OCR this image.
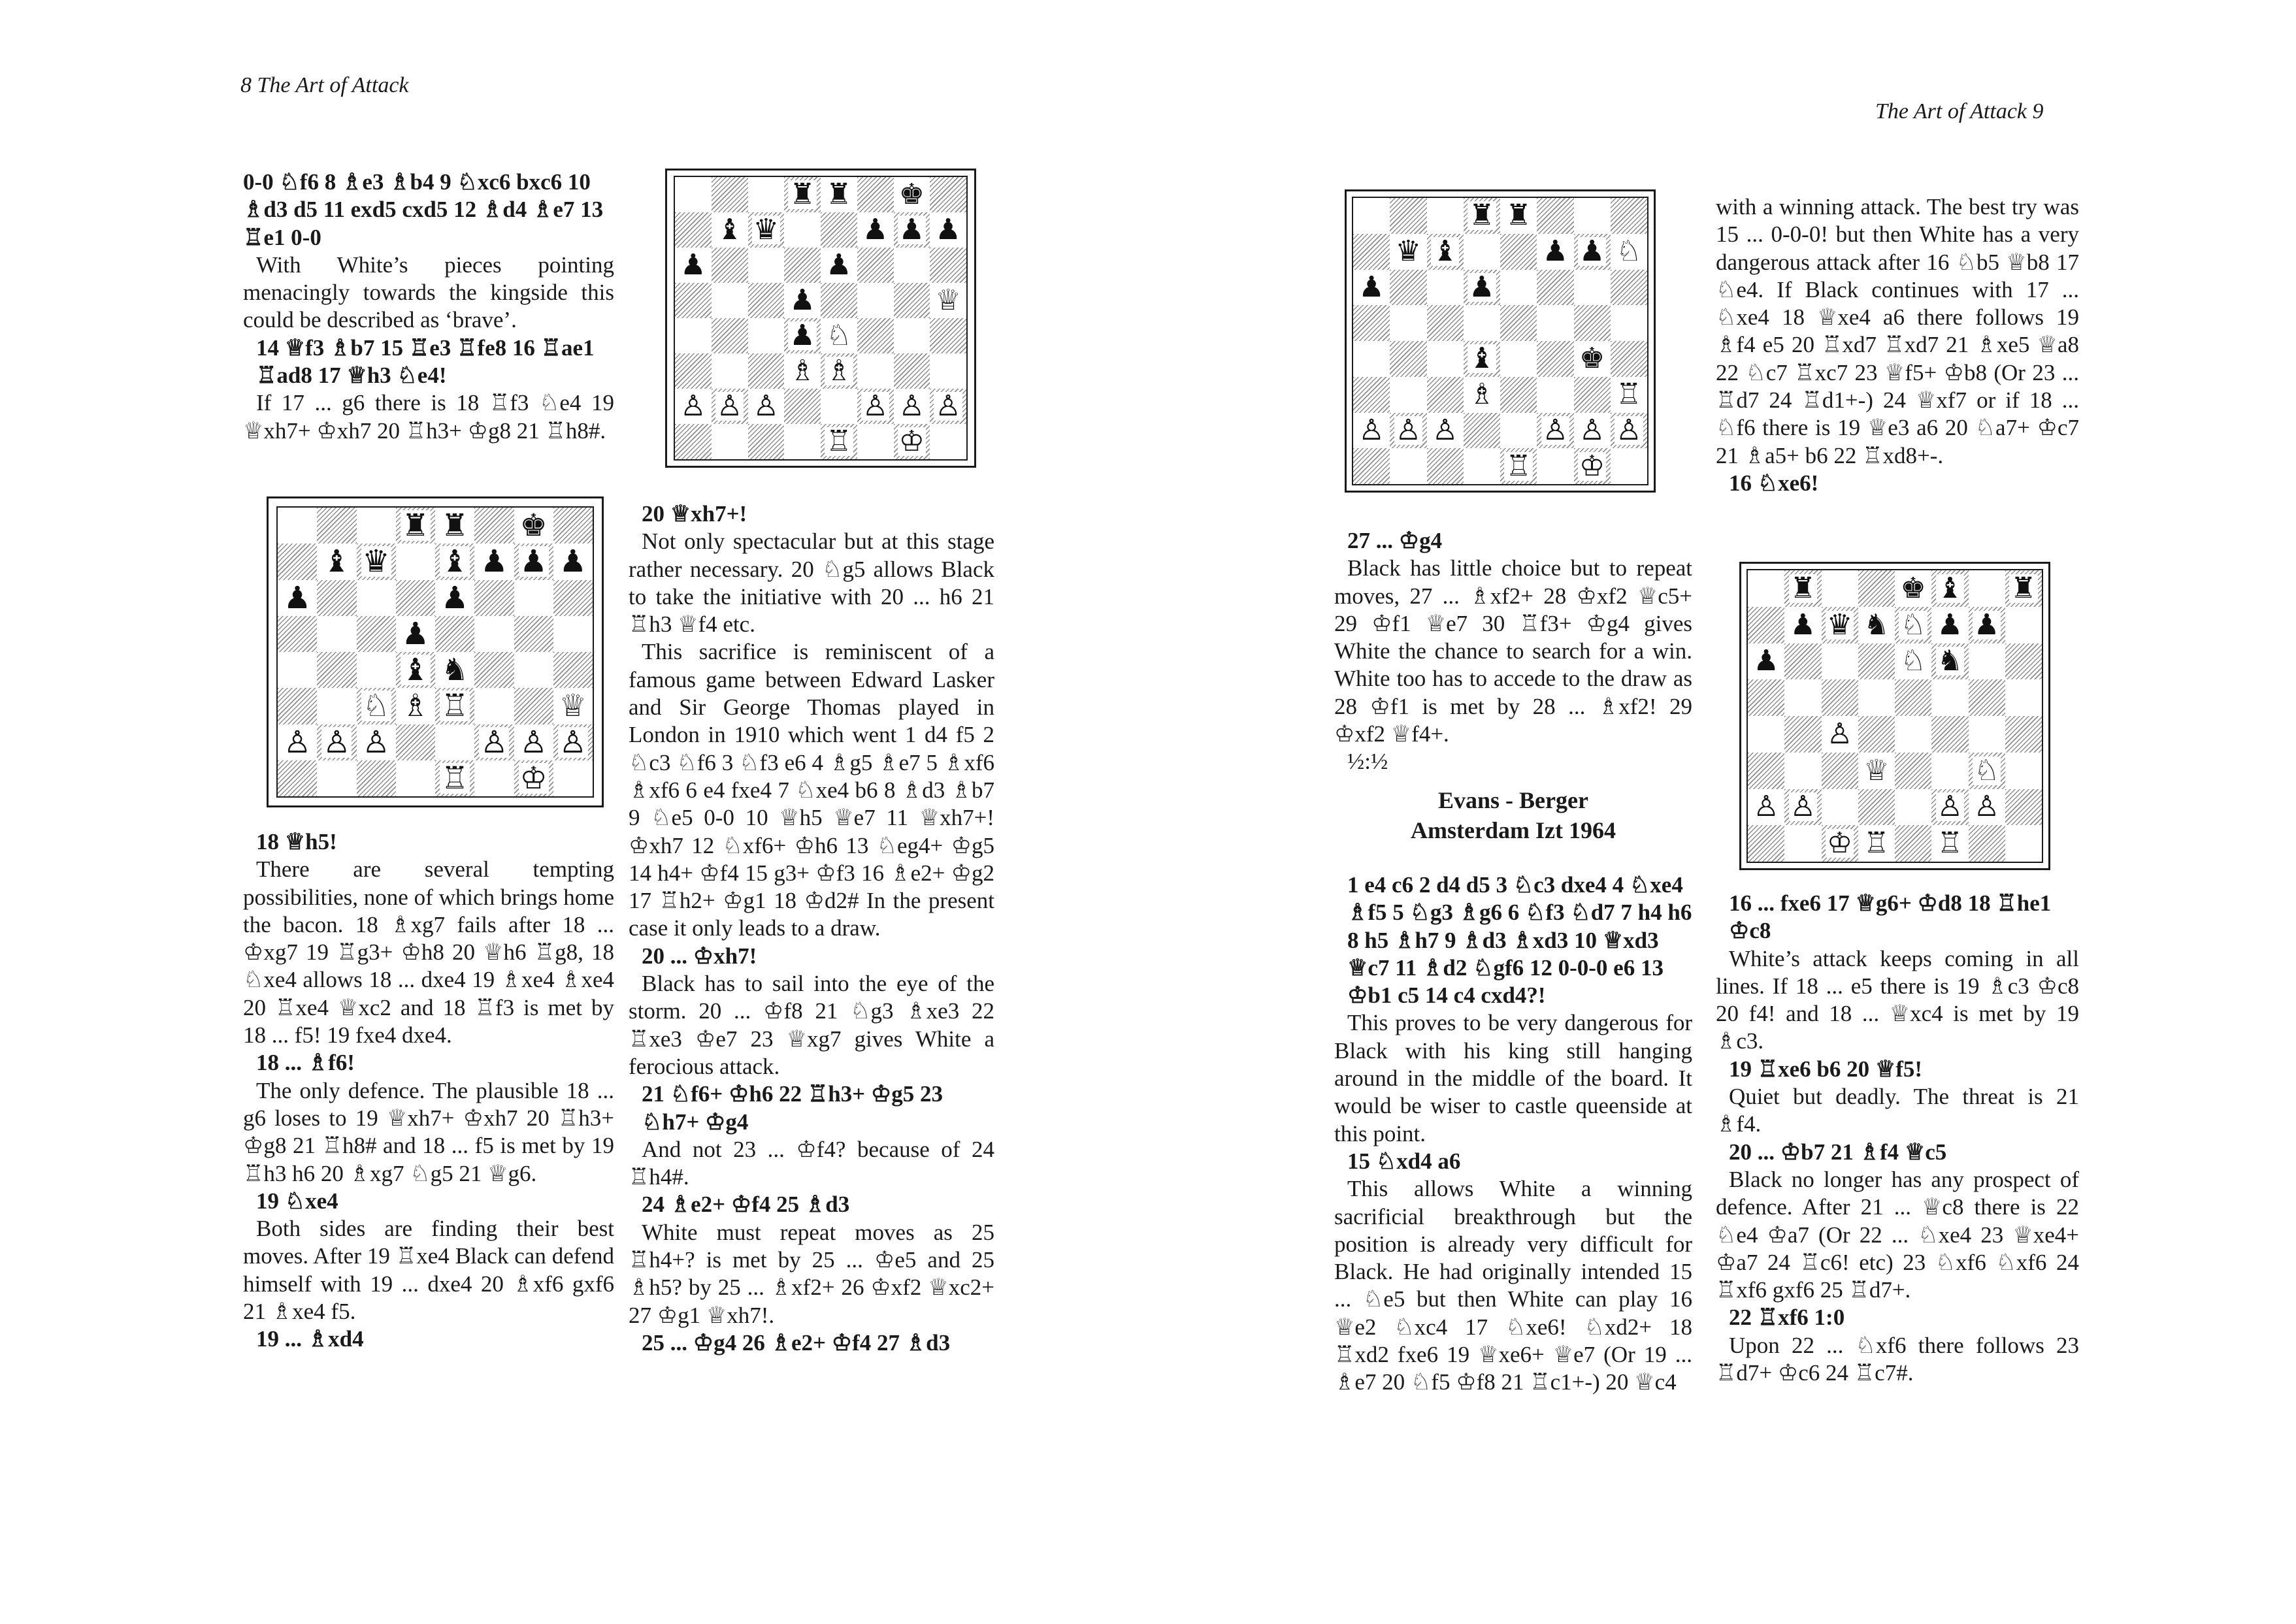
8 The Art of Attack
The Art of Attack 9

0-0 ♘f6 8 ♗e3 ♗b4 9 ♘xc6 bxc6 10 ♗d3 d5 11 exd5 cxd5 12 ♗d4 ♗e7 13 ♖e1 0-0

With White’s pieces pointing menacingly towards the kingside this could be described as ‘brave’.

14 ♕f3 ♗b7 15 ♖e3 ♖fe8 16 ♖ae1 ♖ad8 17 ♕h3 ♘e4!

If 17 ... g6 there is 18 ♖f3 ♘e4 19 ♕xh7+ ♔xh7 20 ♖h3+ ♔g8 21 ♖h8#.

♜ ♜ ♚
♝ ♛ ♝ ♟ ♟ ♟
♟	♟
♟
♝ ♞
♘ ♗ ♖	♕
♙ ♙ ♙	♙ ♙ ♙
♖ ♔

18 ♕h5!

There are several tempting possibilities, none of which brings home the bacon. 18 ♗xg7 fails after 18 ... ♔xg7 19 ♖g3+ ♔h8 20 ♕h6 ♖g8, 18 ♘xe4 allows 18 ... dxe4 19 ♗xe4 ♗xe4 20 ♖xe4 ♕xc2 and 18 ♖f3 is met by 18 ... f5! 19 fxe4 dxe4.

18 ... ♗f6!

The only defence. The plausible 18 ... g6 loses to 19 ♕xh7+ ♔xh7 20 ♖h3+ ♔g8 21 ♖h8# and 18 ... f5 is met by 19 ♖h3 h6 20 ♗xg7 ♘g5 21 ♕g6.

19 ♘xe4

Both sides are finding their best moves. After 19 ♖xe4 Black can defend himself with 19 ... dxe4 20 ♗xf6 gxf6 21 ♗xe4 f5.

19 ... ♗xd4

♜ ♜ ♚
♝ ♛	♟ ♟ ♟
♟	♟
♟	♕
♟ ♘
♗ ♗
♙ ♙ ♙	♙ ♙ ♙
♖ ♔

20 ♕xh7+!

Not only spectacular but at this stage rather necessary. 20 ♘g5 allows Black to take the initiative with 20 ... h6 21 ♖h3 ♕f4 etc.

This sacrifice is reminiscent of a famous game between Edward Lasker and Sir George Thomas played in London in 1910 which went 1 d4 f5 2 ♘c3 ♘f6 3 ♘f3 e6 4 ♗g5 ♗e7 5 ♗xf6 ♗xf6 6 e4 fxe4 7 ♘xe4 b6 8 ♗d3 ♗b7 9 ♘e5 0-0 10 ♕h5 ♕e7 11 ♕xh7+! ♔xh7 12 ♘xf6+ ♔h6 13 ♘eg4+ ♔g5 14 h4+ ♔f4 15 g3+ ♔f3 16 ♗e2+ ♔g2 17 ♖h2+ ♔g1 18 ♔d2# In the present case it only leads to a draw.

20 ... ♔xh7!

Black has to sail into the eye of the storm. 20 ... ♔f8 21 ♘g3 ♗xe3 22 ♖xe3 ♔e7 23 ♕xg7 gives White a ferocious attack.

21 ♘f6+ ♔h6 22 ♖h3+ ♔g5 23 ♘h7+ ♔g4

And not 23 ... ♔f4? because of 24 ♖h4#.

24 ♗e2+ ♔f4 25 ♗d3

White must repeat moves as 25 ♖h4+? is met by 25 ... ♔e5 and 25 ♗h5? by 25 ... ♗xf2+ 26 ♔xf2 ♕xc2+ 27 ♔g1 ♕xh7!.

25 ... ♔g4 26 ♗e2+ ♔f4 27 ♗d3

♜ ♜
♛ ♝	♟ ♟ ♘
♟	♟
♝	♚
♗	♖
♙ ♙ ♙	♙ ♙ ♙
♖ ♔

27 ... ♔g4

Black has little choice but to repeat moves, 27 ... ♗xf2+ 28 ♔xf2 ♕c5+ 29 ♔f1 ♕e7 30 ♖f3+ ♔g4 gives White the chance to search for a win. White too has to accede to the draw as 28 ♔f1 is met by 28 ... ♗xf2! 29 ♔xf2 ♕f4+.

½:½

Evans - Berger
Amsterdam Izt 1964

1 e4 c6 2 d4 d5 3 ♘c3 dxe4 4 ♘xe4 ♗f5 5 ♘g3 ♗g6 6 ♘f3 ♘d7 7 h4 h6 8 h5 ♗h7 9 ♗d3 ♗xd3 10 ♕xd3 ♕c7 11 ♗d2 ♘gf6 12 0-0-0 e6 13 ♔b1 c5 14 c4 cxd4?!

This proves to be very dangerous for Black with his king still hanging around in the middle of the board. It would be wiser to castle queenside at this point.

15 ♘xd4 a6

This allows White a winning sacrificial breakthrough but the position is already very difficult for Black. He had originally intended 15 ... ♘e5 but then White can play 16 ♕e2 ♘xc4 17 ♘xe6! ♘xd2+ 18 ♖xd2 fxe6 19 ♕xe6+ ♕e7 (Or 19 ... ♗e7 20 ♘f5 ♔f8 21 ♖c1+-) 20 ♕c4

with a winning attack. The best try was 15 ... 0-0-0! but then White has a very dangerous attack after 16 ♘b5 ♕b8 17 ♘e4. If Black continues with 17 ... ♘xe4 18 ♕xe4 a6 there follows 19 ♗f4 e5 20 ♖xd7 ♖xd7 21 ♗xe5 ♕a8 22 ♘c7 ♖xc7 23 ♕f5+ ♔b8 (Or 23 ... ♖d7 24 ♖d1+-) 24 ♕xf7 or if 18 ... ♘f6 there is 19 ♕e3 a6 20 ♘a7+ ♔c7 21 ♗a5+ b6 22 ♖xd8+-.

16 ♘xe6!

♜	♚ ♝ ♜
♟ ♛ ♞ ♘ ♟ ♟
♟	♘ ♞
♙
♕	♘
♙ ♙	♙ ♙
♔ ♖ ♖

16 ... fxe6 17 ♕g6+ ♔d8 18 ♖he1 ♔c8

White’s attack keeps coming in all lines. If 18 ... e5 there is 19 ♗c3 ♔c8 20 f4! and 18 ... ♕xc4 is met by 19 ♗c3.

19 ♖xe6 b6 20 ♕f5!

Quiet but deadly. The threat is 21 ♗f4.

20 ... ♔b7 21 ♗f4 ♕c5

Black no longer has any prospect of defence. After 21 ... ♕c8 there is 22 ♘e4 ♔a7 (Or 22 ... ♘xe4 23 ♕xe4+ ♔a7 24 ♖c6! etc) 23 ♘xf6 ♘xf6 24 ♖xf6 gxf6 25 ♖d7+.

22 ♖xf6 1:0

Upon 22 ... ♘xf6 there follows 23 ♖d7+ ♔c6 24 ♖c7#.
